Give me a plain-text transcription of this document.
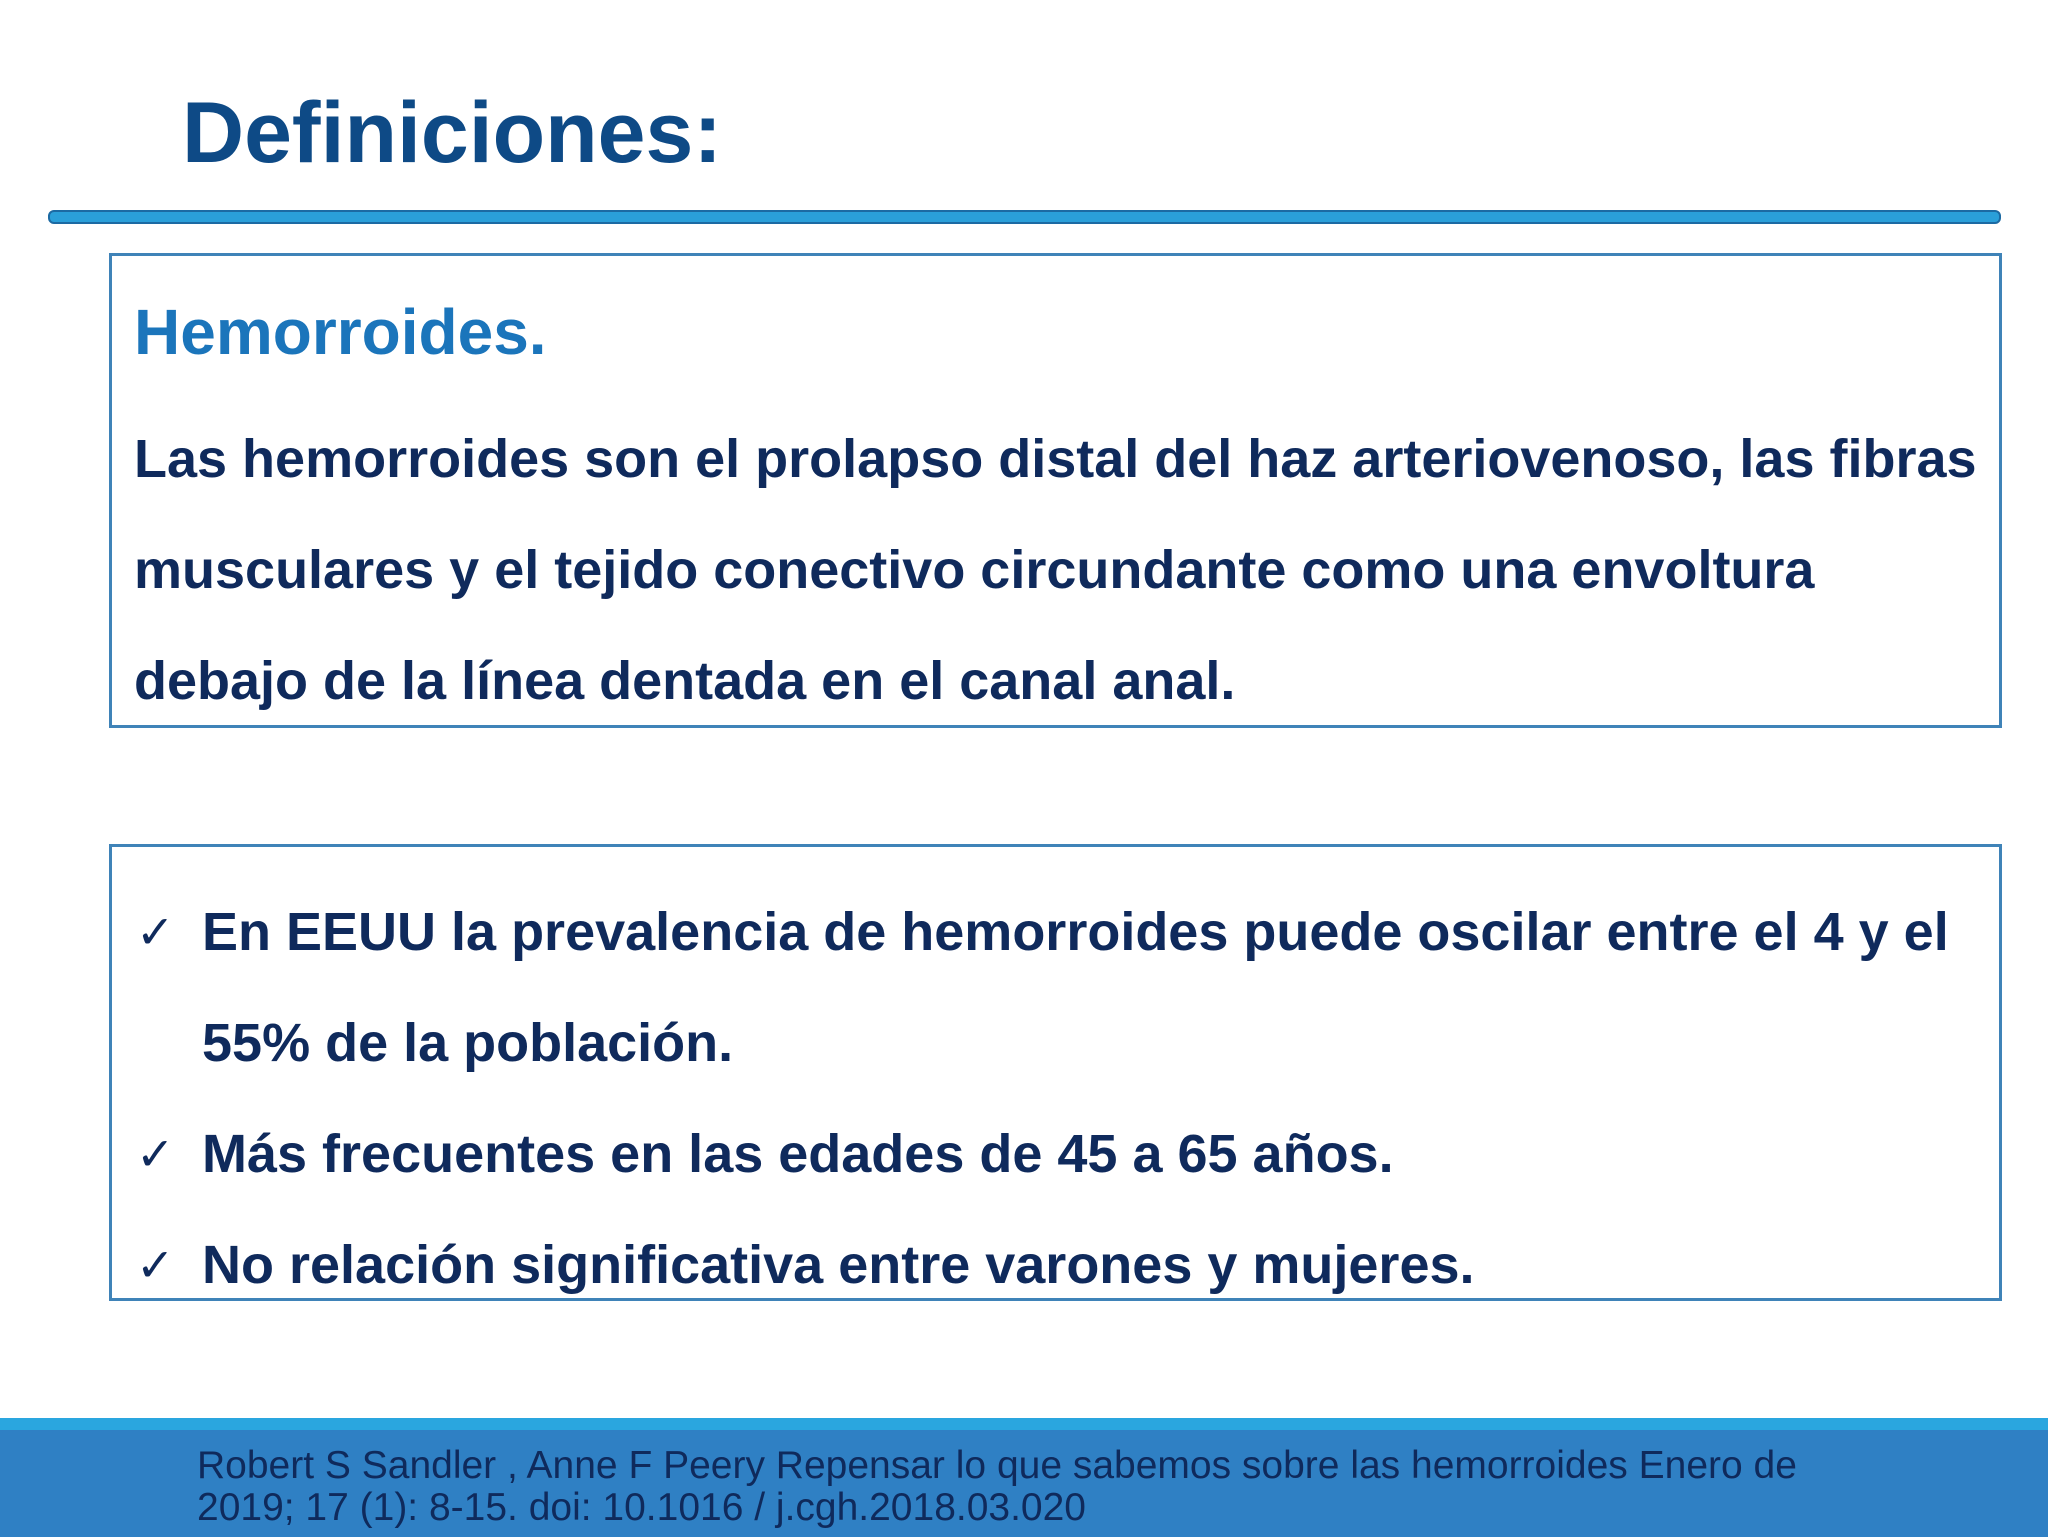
Definiciones:
Hemorroides.

Las hemorroides son el prolapso distal del haz arteriovenoso, las fibras musculares y el tejido conectivo circundante como una envoltura debajo de la línea dentada en el canal anal.

✓ En EEUU la prevalencia de hemorroides puede oscilar entre el 4 y el 55% de la población.
✓ Más frecuentes en las edades de 45 a 65 años.
✓ No relación significativa entre varones y mujeres.

Robert S Sandler , Anne F Peery Repensar lo que sabemos sobre las hemorroides Enero de 2019; 17 (1): 8-15. doi: 10.1016 / j.cgh.2018.03.020
